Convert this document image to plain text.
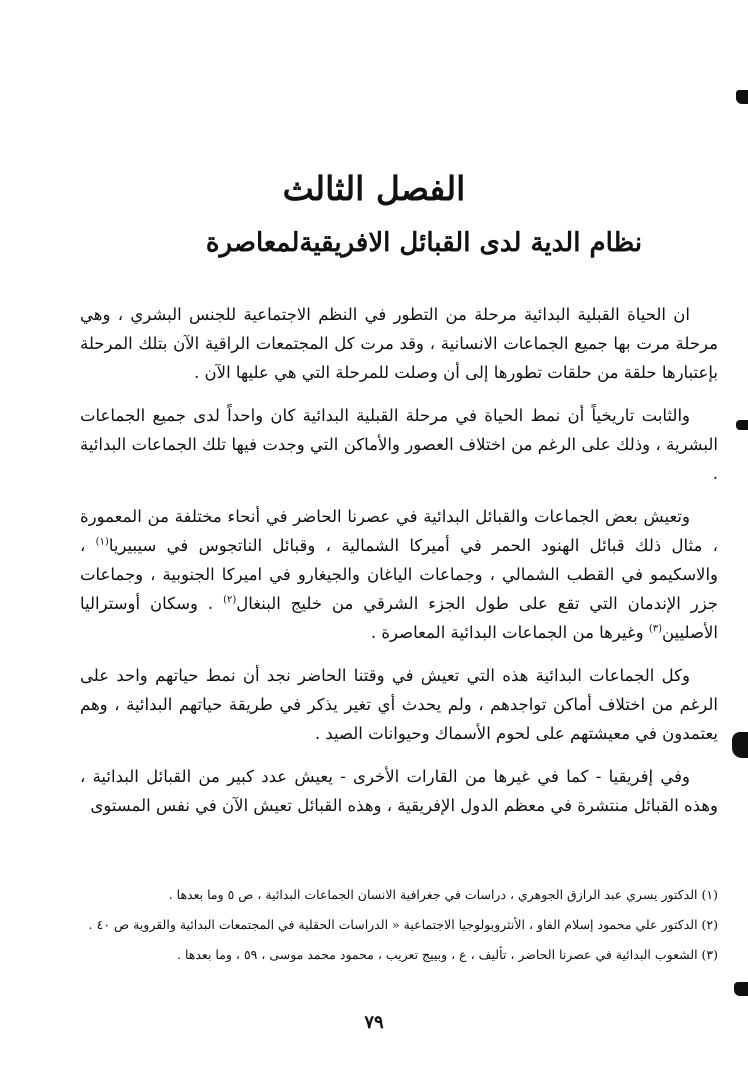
الفصل الثالث
نظام الدية لدى القبائل الافريقيةلمعاصرة

ان الحياة القبلية البدائية مرحلة من التطور في النظم الاجتماعية للجنس البشري ، وهي مرحلة مرت بها جميع الجماعات الانسانية ، وقد مرت كل المجتمعات الراقية الآن بتلك المرحلة بإعتبارها حلقة من حلقات تطورها إلى أن وصلت للمرحلة التي هي عليها الآن .

والثابت تاريخياً أن نمط الحياة في مرحلة القبلية البدائية كان واحداً لدى جميع الجماعات البشرية ، وذلك على الرغم من اختلاف العصور والأماكن التي وجدت فيها تلك الجماعات البدائية .

وتعيش بعض الجماعات والقبائل البدائية في عصرنا الحاضر في أنحاء مختلفة من المعمورة ، مثال ذلك قبائل الهنود الحمر في أميركا الشمالية ، وقبائل الناتجوس في سيبيريا$^{(١)}$ ، والاسكيمو في القطب الشمالي ، وجماعات الياغان والجيغارو في اميركا الجنوبية ، وجماعات جزر الإندمان التي تقع على طول الجزء الشرقي من خليج البنغال$^{(٢)}$ . وسكان أوستراليا الأصليين$^{(٣)}$ وغيرها من الجماعات البدائية المعاصرة .

وكل الجماعات البدائية هذه التي تعيش في وقتنا الحاضر نجد أن نمط حياتهم واحد على الرغم من اختلاف أماكن تواجدهم ، ولم يحدث أي تغير يذكر في طريقة حياتهم البدائية ، وهم يعتمدون في معيشتهم على لحوم الأسماك وحيوانات الصيد .

وفي إفريقيا - كما في غيرها من القارات الأخرى - يعيش عدد كبير من القبائل البدائية ، وهذه القبائل منتشرة في معظم الدول الإفريقية ، وهذه القبائل تعيش الآن في نفس المستوى

(١) الدكتور يسري عبد الرازق الجوهري ، دراسات في جغرافية الانسان الجماعات البدائية ، ص ٥ وما بعدها .

(٢) الدكتور علي محمود إسلام الفاو ، الأنثروبولوجيا الاجتماعية « الدراسات الحقلية في المجتمعات البدائية والقروية ص ٤٠ .

(٣) الشعوب البدائية في عصرنا الحاضر ، تأليف ، ع ، وبييج تعريب ، محمود محمد موسى ، ٥٩ ، وما بعدها .

٧٩
